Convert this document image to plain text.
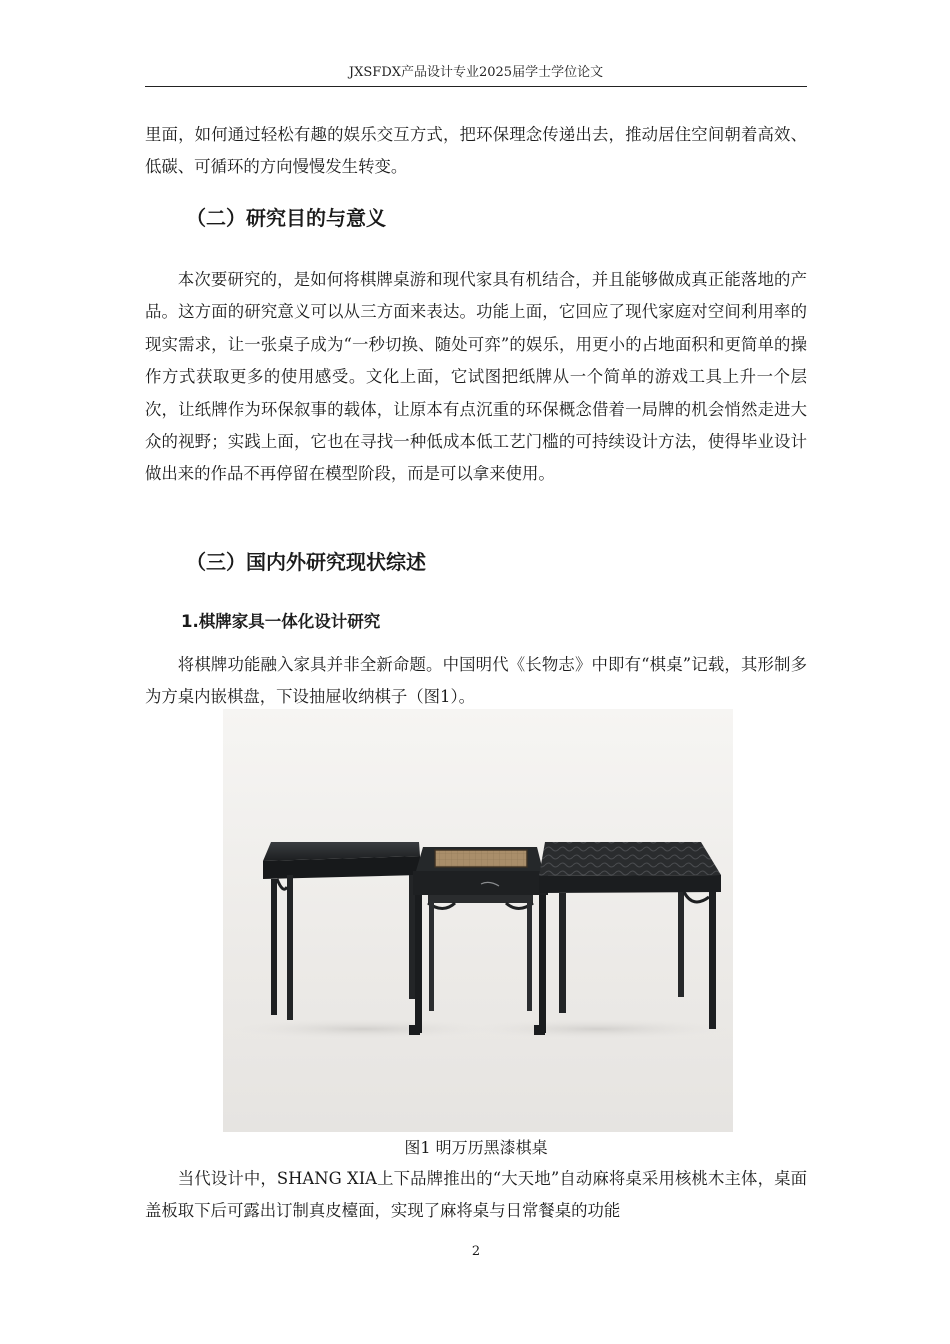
JXSFDX产品设计专业2025届学士学位论文

里面，如何通过轻松有趣的娱乐交互方式，把环保理念传递出去，推动居住空间朝着高效、低碳、可循环的方向慢慢发生转变。

（二）研究目的与意义

本次要研究的，是如何将棋牌桌游和现代家具有机结合，并且能够做成真正能落地的产品。这方面的研究意义可以从三方面来表达。功能上面，它回应了现代家庭对空间利用率的现实需求，让一张桌子成为“一秒切换、随处可弈”的娱乐，用更小的占地面积和更简单的操作方式获取更多的使用感受。文化上面，它试图把纸牌从一个简单的游戏工具上升一个层次，让纸牌作为环保叙事的载体，让原本有点沉重的环保概念借着一局牌的机会悄然走进大众的视野；实践上面，它也在寻找一种低成本低工艺门槛的可持续设计方法，使得毕业设计做出来的作品不再停留在模型阶段，而是可以拿来使用。

（三）国内外研究现状综述
1.棋牌家具一体化设计研究

将棋牌功能融入家具并非全新命题。中国明代《长物志》中即有“棋桌”记载，其形制多为方桌内嵌棋盘，下设抽屉收纳棋子（图1）。

图1 明万历黑漆棋桌

当代设计中，SHANG XIA上下品牌推出的“大天地”自动麻将桌采用核桃木主体，桌面盖板取下后可露出订制真皮檯面，实现了麻将桌与日常餐桌的功能

2
